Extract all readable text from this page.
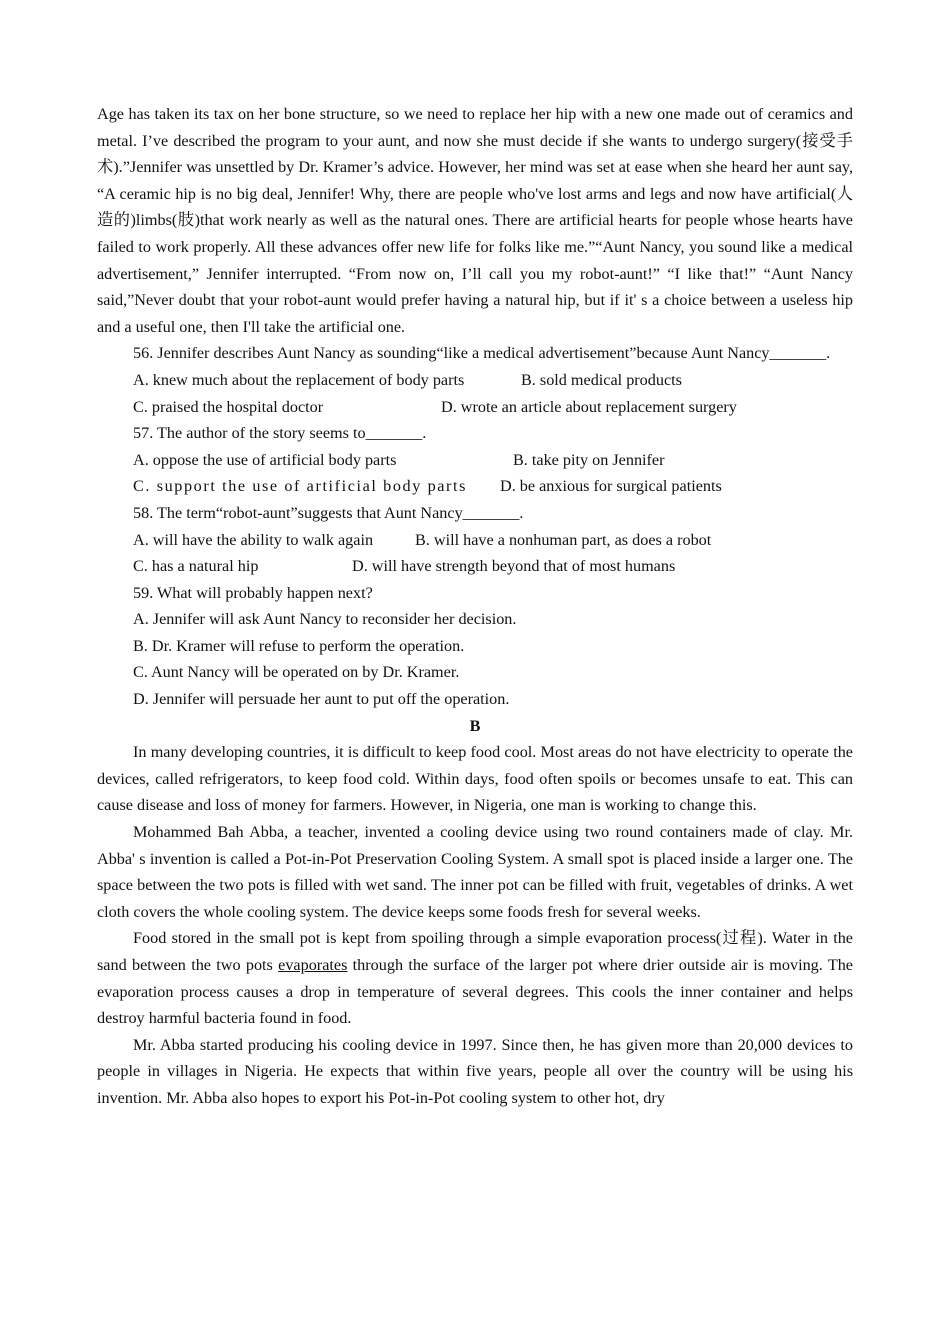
Age has taken its tax on her bone structure, so we need to replace her hip with a new one made out of ceramics and metal. I’ve described the program to your aunt, and now she must decide if she wants to undergo surgery(接受手术).”Jennifer was unsettled by Dr. Kramer’s advice. However, her mind was set at ease when she heard her aunt say, “A ceramic hip is no big deal, Jennifer! Why, there are people who've lost arms and legs and now have artificial(人造的)limbs(肢)that work nearly as well as the natural ones. There are artificial hearts for people whose hearts have failed to work properly. All these advances offer new life for folks like me.”“Aunt Nancy, you sound like a medical advertisement,” Jennifer interrupted. “From now on, I’ll call you my robot-aunt!” “I like that!” “Aunt Nancy said,”Never doubt that your robot-aunt would prefer having a natural hip, but if it' s a choice between a useless hip and a useful one, then I'll take the artificial one.

56. Jennifer describes Aunt Nancy as sounding“like a medical advertisement”because Aunt Nancy_______.

A. knew much about the replacement of body parts	B. sold medical products

C. praised the hospital doctor	D. wrote an article about replacement surgery

57. The author of the story seems to_______.

A. oppose the use of artificial body parts	B. take pity on Jennifer

C. support the use of artificial body parts	D. be anxious for surgical patients

58. The term“robot-aunt”suggests that Aunt Nancy_______.

A. will have the ability to walk again	B. will have a nonhuman part, as does a robot

C. has a natural hip	D. will have strength beyond that of most humans

59. What will probably happen next?

A. Jennifer will ask Aunt Nancy to reconsider her decision.

B. Dr. Kramer will refuse to perform the operation.

C. Aunt Nancy will be operated on by Dr. Kramer.

D. Jennifer will persuade her aunt to put off the operation.

B

In many developing countries, it is difficult to keep food cool. Most areas do not have electricity to operate the devices, called refrigerators, to keep food cold. Within days, food often spoils or becomes unsafe to eat. This can cause disease and loss of money for farmers. However, in Nigeria, one man is working to change this.

Mohammed Bah Abba, a teacher, invented a cooling device using two round containers made of clay. Mr. Abba' s invention is called a Pot-in-Pot Preservation Cooling System. A small spot is placed inside a larger one. The space between the two pots is filled with wet sand. The inner pot can be filled with fruit, vegetables of drinks. A wet cloth covers the whole cooling system. The device keeps some foods fresh for several weeks.

Food stored in the small pot is kept from spoiling through a simple evaporation process(过程). Water in the sand between the two pots evaporates through the surface of the larger pot where drier outside air is moving. The evaporation process causes a drop in temperature of several degrees. This cools the inner container and helps destroy harmful bacteria found in food.

Mr. Abba started producing his cooling device in 1997. Since then, he has given more than 20,000 devices to people in villages in Nigeria. He expects that within five years, people all over the country will be using his invention. Mr. Abba also hopes to export his Pot-in-Pot cooling system to other hot, dry
